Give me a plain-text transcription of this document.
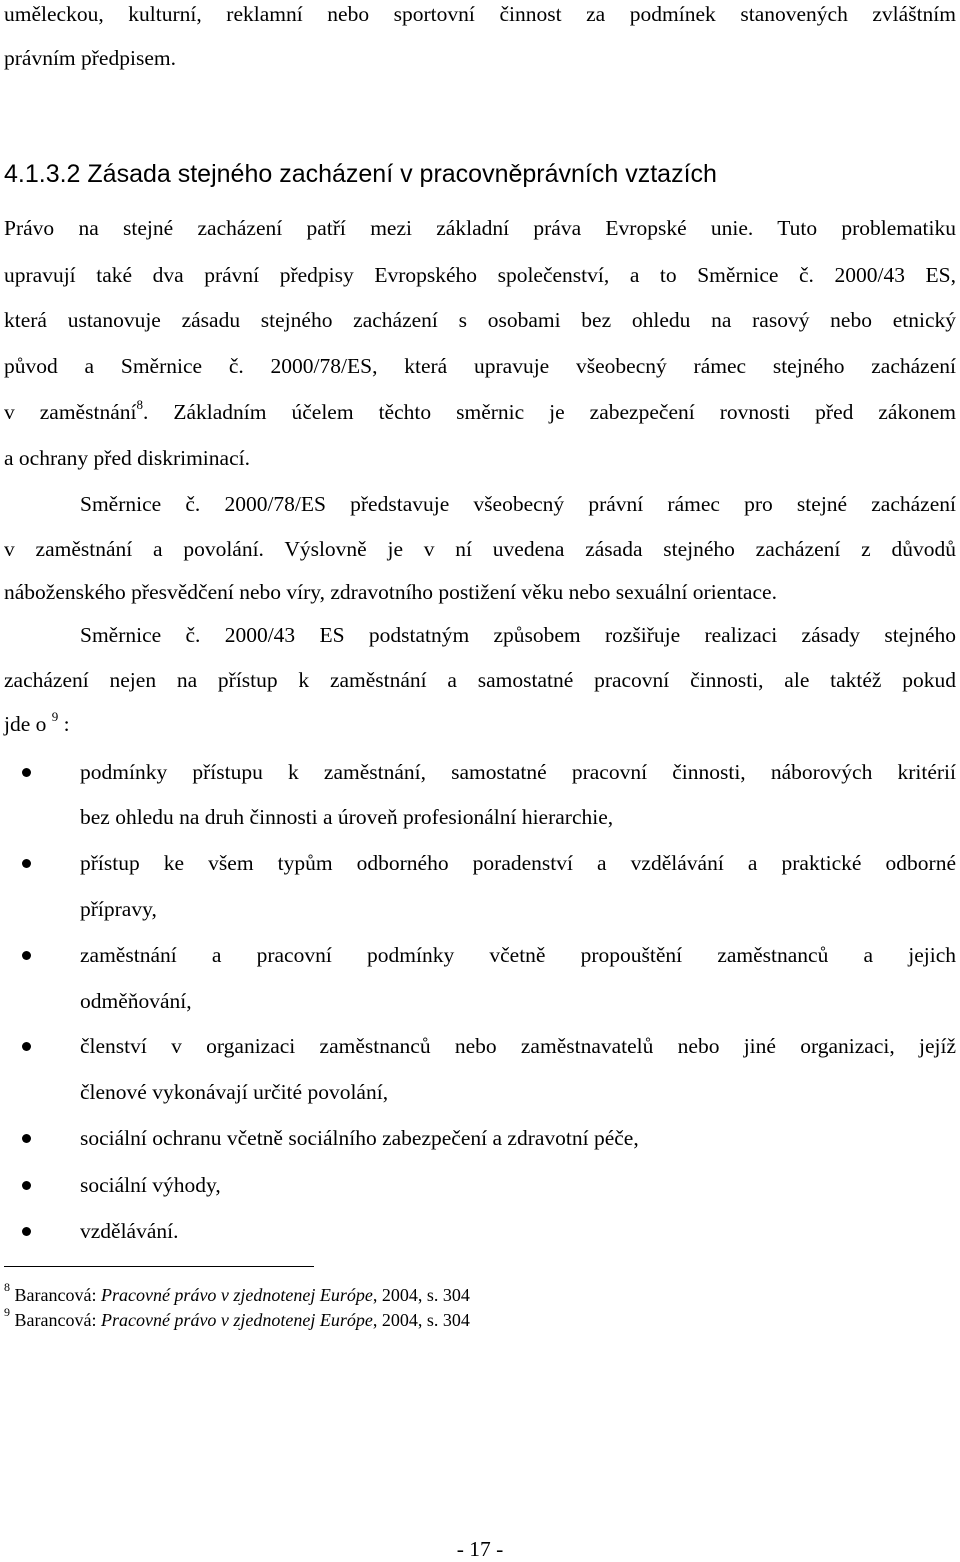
uměleckou, kulturní, reklamní nebo sportovní činnost za podmínek stanovených zvláštním
právním předpisem.
4.1.3.2 Zásada stejného zacházení v pracovněprávních vztazích
Právo na stejné zacházení patří mezi základní práva Evropské unie. Tuto problematiku
upravují také dva právní předpisy Evropského společenství, a to Směrnice č. 2000/43 ES,
která ustanovuje zásadu stejného zacházení s osobami bez ohledu na rasový nebo etnický
původ a Směrnice č. 2000/78/ES, která upravuje všeobecný rámec stejného zacházení
v zaměstnání$^8$. Základním účelem těchto směrnic je zabezpečení rovnosti před zákonem
a ochrany před diskriminací.
Směrnice č. 2000/78/ES představuje všeobecný právní rámec pro stejné zacházení
v zaměstnání a povolání. Výslovně je v ní uvedena zásada stejného zacházení z důvodů
náboženského přesvědčení nebo víry, zdravotního postižení věku nebo sexuální orientace.
Směrnice č. 2000/43 ES podstatným způsobem rozšiřuje realizaci zásady stejného
zacházení nejen na přístup k zaměstnání a samostatné pracovní činnosti, ale taktéž pokud
jde o $^9$ :
podmínky přístupu k zaměstnání, samostatné pracovní činnosti, náborových kritérií
bez ohledu na druh činnosti a úroveň profesionální hierarchie,
přístup ke všem typům odborného poradenství a vzdělávání a praktické odborné
přípravy,
zaměstnání a pracovní podmínky včetně propouštění zaměstnanců a jejich
odměňování,
členství v organizaci zaměstnanců nebo zaměstnavatelů nebo jiné organizaci, jejíž
členové vykonávají určité povolání,
sociální ochranu včetně sociálního zabezpečení a zdravotní péče,
sociální výhody,
vzdělávání.
$^8$ Barancová: Pracovné právo v zjednotenej Európe, 2004, s. 304
$^9$ Barancová: Pracovné právo v zjednotenej Európe, 2004, s. 304
- 17 -
